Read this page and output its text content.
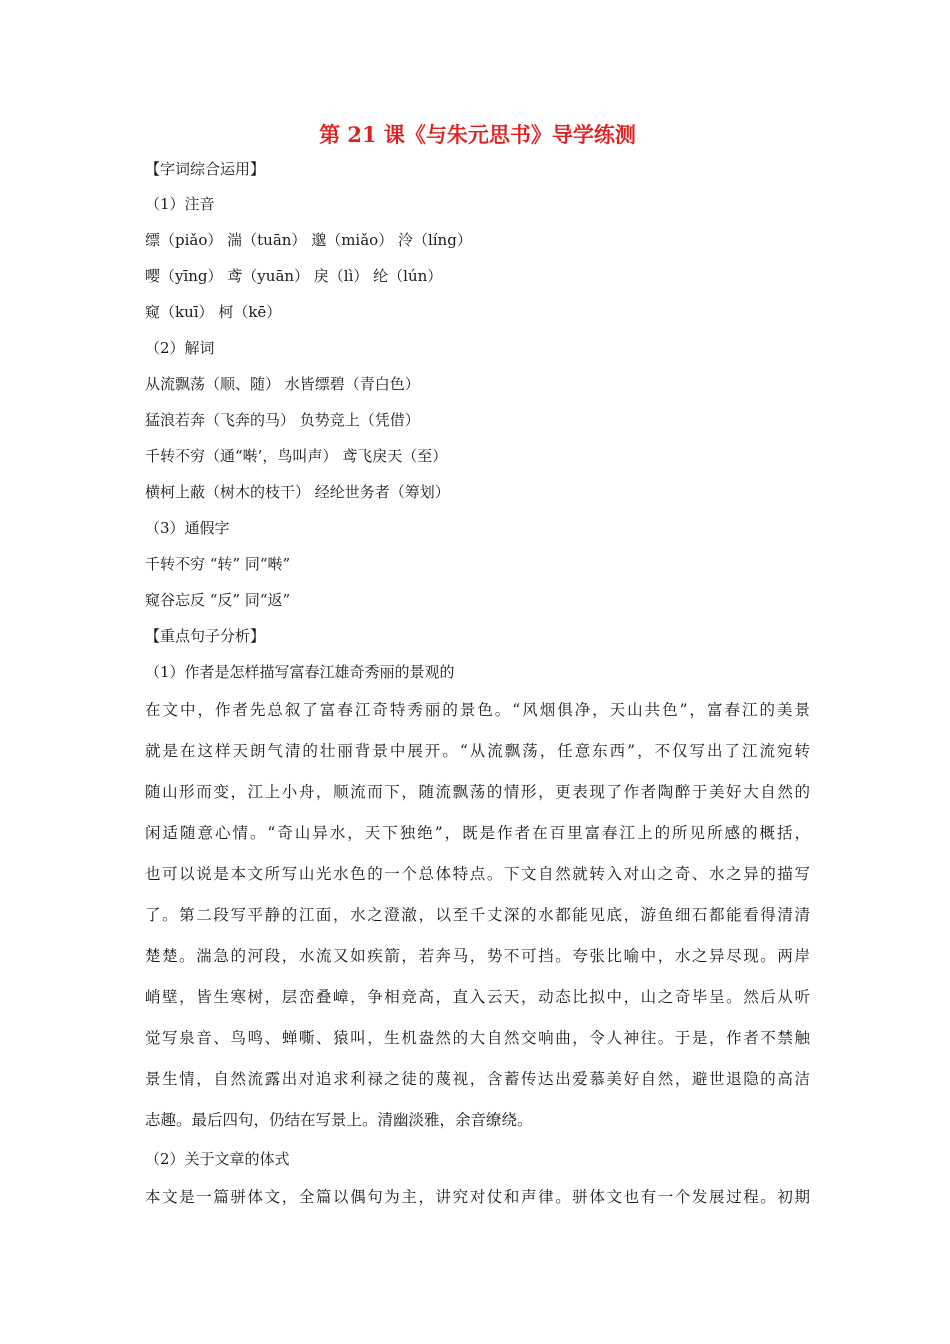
第 21 课《与朱元思书》导学练测
【字词综合运用】
（1）注音
缥（piǎo） 湍（tuān） 邈（miǎo） 泠（líng）
嘤（yīng） 鸢（yuān） 戾（lì） 纶（lún）
窥（kuī） 柯（kē）
（2）解词
从流飘荡（顺、随） 水皆缥碧（青白色）
猛浪若奔（飞奔的马） 负势竞上（凭借）
千转不穷（通“啭’，鸟叫声） 鸢飞戾天（至）
横柯上蔽（树木的枝干） 经纶世务者（筹划）
（3）通假字
千转不穷 “转” 同“啭”
窥谷忘反 “反” 同“返”
【重点句子分析】
（1）作者是怎样描写富春江雄奇秀丽的景观的
在文中，作者先总叙了富春江奇特秀丽的景色。“风烟俱净，天山共色”，富春江的美景
就是在这样天朗气清的壮丽背景中展开。“从流飘荡，任意东西”，不仅写出了江流宛转
随山形而变，江上小舟，顺流而下，随流飘荡的情形，更表现了作者陶醉于美好大自然的
闲适随意心情。“奇山异水，天下独绝”，既是作者在百里富春江上的所见所感的概括，
也可以说是本文所写山光水色的一个总体特点。下文自然就转入对山之奇、水之异的描写
了。第二段写平静的江面，水之澄澈，以至千丈深的水都能见底，游鱼细石都能看得清清
楚楚。湍急的河段，水流又如疾箭，若奔马，势不可挡。夸张比喻中，水之异尽现。两岸
峭壁，皆生寒树，层峦叠嶂，争相竞高，直入云天，动态比拟中，山之奇毕呈。然后从听
觉写泉音、鸟鸣、蝉嘶、猿叫，生机盎然的大自然交响曲，令人神往。于是，作者不禁触
景生情，自然流露出对追求利禄之徒的蔑视，含蓄传达出爱慕美好自然，避世退隐的高洁
志趣。最后四句，仍结在写景上。清幽淡雅，余音缭绕。
（2）关于文章的体式
本文是一篇骈体文，全篇以偶句为主，讲究对仗和声律。骈体文也有一个发展过程。初期
